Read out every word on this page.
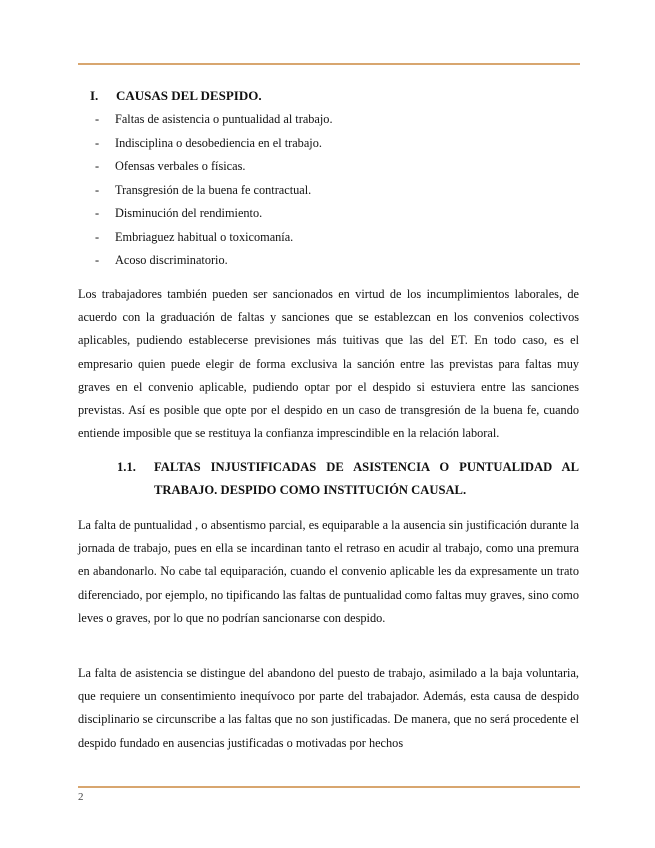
I. CAUSAS DEL DESPIDO.
- Faltas de asistencia o puntualidad al trabajo.
- Indisciplina o desobediencia en el trabajo.
- Ofensas verbales o físicas.
- Transgresión de la buena fe contractual.
- Disminución del rendimiento.
- Embriaguez habitual o toxicomanía.
- Acoso discriminatorio.

Los trabajadores también pueden ser sancionados en virtud de los incumplimientos laborales, de acuerdo con la graduación de faltas y sanciones que se establezcan en los convenios colectivos aplicables, pudiendo establecerse previsiones más tuitivas que las del ET. En todo caso, es el empresario quien puede elegir de forma exclusiva la sanción entre las previstas para faltas muy graves en el convenio aplicable, pudiendo optar por el despido si estuviera entre las sanciones previstas. Así es posible que opte por el despido en un caso de transgresión de la buena fe, cuando entiende imposible que se restituya la confianza imprescindible en la relación laboral.

1.1. FALTAS INJUSTIFICADAS DE ASISTENCIA O PUNTUALIDAD AL TRABAJO. DESPIDO COMO INSTITUCIÓN CAUSAL.

La falta de puntualidad , o absentismo parcial, es equiparable a la ausencia sin justificación durante la jornada de trabajo, pues en ella se incardinan tanto el retraso en acudir al trabajo, como una premura en abandonarlo. No cabe tal equiparación, cuando el convenio aplicable les da expresamente un trato diferenciado, por ejemplo, no tipificando las faltas de puntualidad como faltas muy graves, sino como leves o graves, por lo que no podrían sancionarse con despido.

La falta de asistencia se distingue del abandono del puesto de trabajo, asimilado a la baja voluntaria, que requiere un consentimiento inequívoco por parte del trabajador. Además, esta causa de despido disciplinario se circunscribe a las faltas que no son justificadas. De manera, que no será procedente el despido fundado en ausencias justificadas o motivadas por hechos

2
